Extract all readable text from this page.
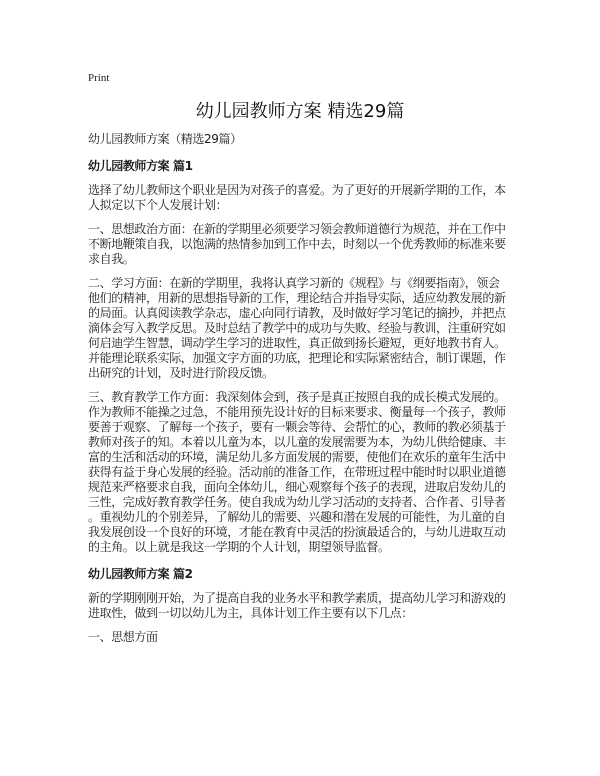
Print
幼儿园教师方案 精选29篇
幼儿园教师方案（精选29篇）
幼儿园教师方案 篇1
选择了幼儿教师这个职业是因为对孩子的喜爱。为了更好的开展新学期的工作，本
人拟定以下个人发展计划：
一、思想政治方面：在新的学期里必须要学习领会教师道德行为规范，并在工作中
不断地鞭策自我，以饱满的热情参加到工作中去，时刻以一个优秀教师的标准来要
求自我。
二、学习方面：在新的学期里，我将认真学习新的《规程》与《纲要指南》，领会
他们的精神，用新的思想指导新的工作，理论结合并指导实际，适应幼教发展的新
的局面。认真阅读教学杂志，虚心向同行请教，及时做好学习笔记的摘抄，并把点
滴体会写入教学反思。及时总结了教学中的成功与失败、经验与教训，注重研究如
何启迪学生智慧，调动学生学习的进取性，真正做到扬长避短，更好地教书育人。
并能理论联系实际，加强文字方面的功底，把理论和实际紧密结合，制订课题，作
出研究的计划，及时进行阶段反馈。
三、教育教学工作方面：我深刻体会到，孩子是真正按照自我的成长模式发展的。
作为教师不能操之过急，不能用预先设计好的目标来要求、衡量每一个孩子，教师
要善于观察、了解每一个孩子，要有一颗会等待、会帮忙的心，教师的教必须基于
教师对孩子的知。本着以儿童为本，以儿童的发展需要为本，为幼儿供给健康、丰
富的生活和活动的环境，满足幼儿多方面发展的需要，使他们在欢乐的童年生活中
获得有益于身心发展的经验。活动前的准备工作，在带班过程中能时时以职业道德
规范来严格要求自我，面向全体幼儿，细心观察每个孩子的表现，进取启发幼儿的
三性，完成好教育教学任务。使自我成为幼儿学习活动的支持者、合作者、引导者
。重视幼儿的个别差异，了解幼儿的需要、兴趣和潜在发展的可能性，为儿童的自
我发展创设一个良好的环境，才能在教育中灵活的扮演最适合的，与幼儿进取互动
的主角。以上就是我这一学期的个人计划，期望领导监督。
幼儿园教师方案 篇2
新的学期刚刚开始，为了提高自我的业务水平和教学素质，提高幼儿学习和游戏的
进取性，做到一切以幼儿为主，具体计划工作主要有以下几点：
一、思想方面
